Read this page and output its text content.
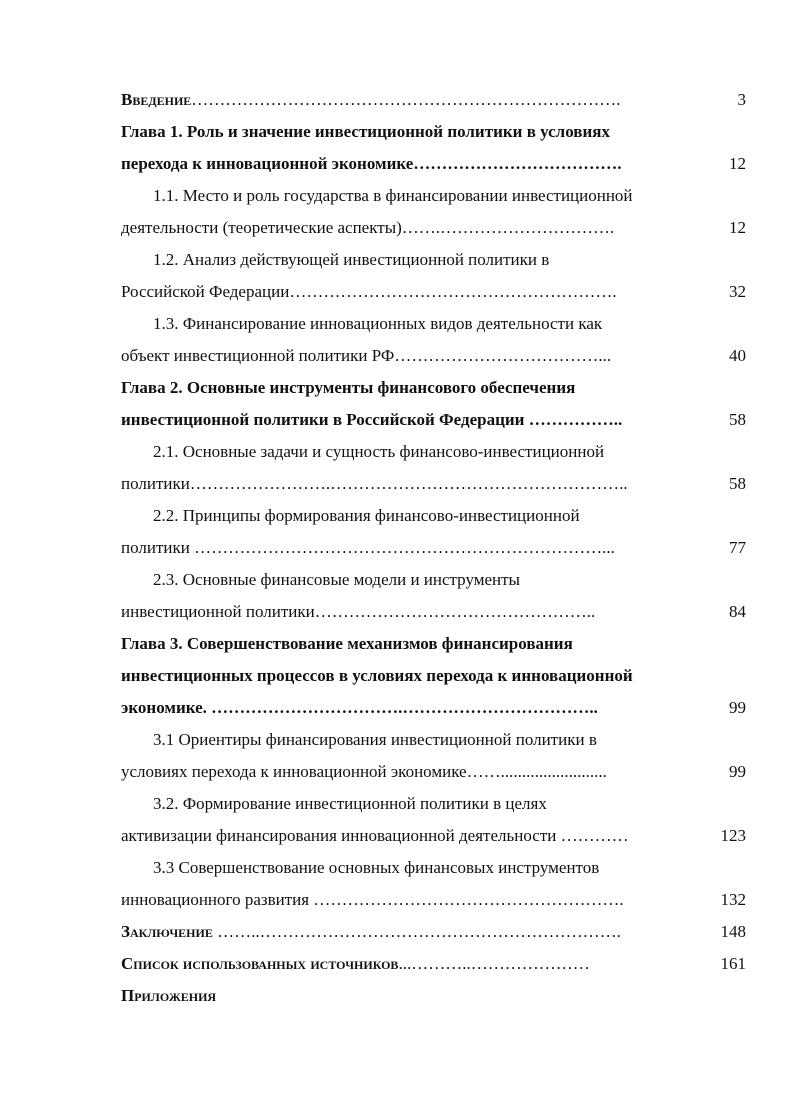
Введение………………………………………………………………….	3
Глава 1. Роль и значение инвестиционной политики в условиях
перехода к инновационной экономике……………………………….	12
1.1. Место и роль государства в финансировании инвестиционной
деятельности (теоретические аспекты)…….………………………….	12
1.2. Анализ действующей инвестиционной политики в
Российской Федерации………………………………………………….	32
1.3. Финансирование инновационных видов деятельности как
объект инвестиционной политики РФ………………………………...	40
Глава 2. Основные инструменты финансового обеспечения
инвестиционной политики в Российской Федерации ……………..	58
2.1. Основные задачи и сущность финансово-инвестиционной
политики…………………….……………………………………………..	58
2.2. Принципы формирования финансово-инвестиционной
политики ………………………………………………………………...	77
2.3. Основные финансовые модели и инструменты
инвестиционной политики…………………………………………..	84
Глава 3. Совершенствование механизмов финансирования
инвестиционных процессов в условиях перехода к инновационной
экономике. …………………………….……………………………..	99
3.1 Ориентиры финансирования инвестиционной политики в
условиях перехода к инновационной экономике…….........................	99
3.2. Формирование инвестиционной политики в целях
активизации финансирования инновационной деятельности …………	123
3.3 Совершенствование основных финансовых инструментов
инновационного развития ……………………………………………….	132
Заключение ……..……………………………………………………….	148
Список использованных источников...………..…………………	161
Приложения
